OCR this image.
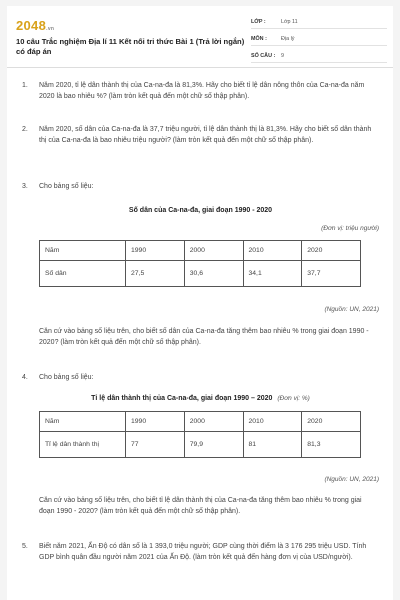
2048.vn
10 câu Trắc nghiệm Địa lí 11 Kết nối tri thức Bài 1 (Trả lời ngắn) có đáp án
LỚP :	Lớp 11
MÔN :	Địa lý
SỐ CÂU :	9
1. Năm 2020, tỉ lệ dân thành thị của Ca-na-đa là 81,3%. Hãy cho biết tỉ lệ dân nông thôn của Ca-na-đa năm 2020 là bao nhiêu %? (làm tròn kết quả đến một chữ số thập phân).
2. Năm 2020, số dân của Ca-na-đa là 37,7 triệu người, tỉ lệ dân thành thị là 81,3%. Hãy cho biết số dân thành thị của Ca-na-đa là bao nhiêu triệu người? (làm tròn kết quả đến một chữ số thập phân).
3. Cho bảng số liệu:
Số dân của Ca-na-đa, giai đoạn 1990 - 2020
(Đơn vị: triệu người)
Năm	1990	2000	2010	2020
Số dân	27,5	30,6	34,1	37,7
(Nguồn: UN, 2021)
Căn cứ vào bảng số liệu trên, cho biết số dân của Ca-na-đa tăng thêm bao nhiêu % trong giai đoạn 1990 - 2020? (làm tròn kết quả đến một chữ số thập phân).
4. Cho bảng số liệu:
Tỉ lệ dân thành thị của Ca-na-đa, giai đoạn 1990 – 2020 (Đơn vị: %)
Năm	1990	2000	2010	2020
Tỉ lệ dân thành thị	77	79,9	81	81,3
(Nguồn: UN, 2021)
Căn cứ vào bảng số liệu trên, cho biết tỉ lệ dân thành thị của Ca-na-đa tăng thêm bao nhiêu % trong giai đoạn 1990 - 2020? (làm tròn kết quả đến một chữ số thập phân).
5. Biết năm 2021, Ấn Độ có dân số là 1 393,0 triệu người; GDP cùng thời điểm là 3 176 295 triệu USD. Tính GDP bình quân đầu người năm 2021 của Ấn Độ. (làm tròn kết quả đến hàng đơn vị của USD/người).
